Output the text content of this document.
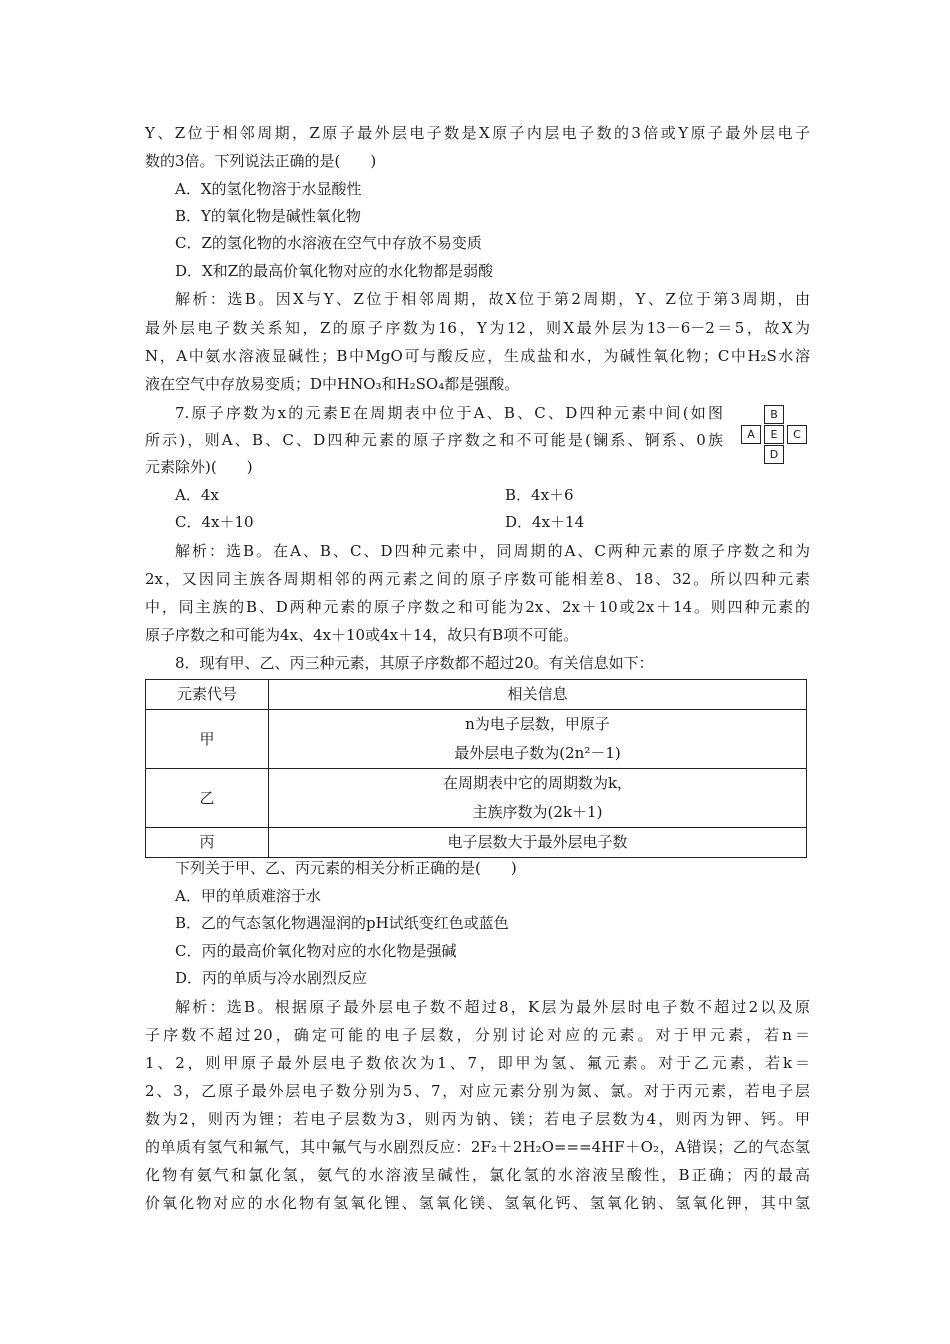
Y、Z位于相邻周期，Z原子最外层电子数是X原子内层电子数的3倍或Y原子最外层电子
数的3倍。下列说法正确的是(　　)
A．X的氢化物溶于水显酸性
B．Y的氧化物是碱性氧化物
C．Z的氢化物的水溶液在空气中存放不易变质
D．X和Z的最高价氧化物对应的水化物都是弱酸
解析：选B。因X与Y、Z位于相邻周期，故X位于第2周期，Y、Z位于第3周期，由
最外层电子数关系知，Z的原子序数为16，Y为12，则X最外层为13－6－2＝5，故X为
N，A中氨水溶液显碱性；B中MgO可与酸反应，生成盐和水，为碱性氧化物；C中H₂S水溶
液在空气中存放易变质；D中HNO₃和H₂SO₄都是强酸。
7.原子序数为x的元素E在周期表中位于A、B、C、D四种元素中间(如图
所示)，则A、B、C、D四种元素的原子序数之和不可能是(镧系、锕系、0族
元素除外)(　　)
B
A	E	C
D
A．4x	B．4x＋6
C．4x＋10	D．4x＋14
解析：选B。在A、B、C、D四种元素中，同周期的A、C两种元素的原子序数之和为
2x，又因同主族各周期相邻的两元素之间的原子序数可能相差8、18、32。所以四种元素
中，同主族的B、D两种元素的原子序数之和可能为2x、2x＋10或2x＋14。则四种元素的
原子序数之和可能为4x、4x＋10或4x＋14，故只有B项不可能。
8．现有甲、乙、丙三种元素，其原子序数都不超过20。有关信息如下：
元素代号	相关信息
甲	n为电子层数，甲原子
最外层电子数为(2n²－1)

乙	在周期表中它的周期数为k，
主族序数为(2k＋1)

丙	电子层数大于最外层电子数
下列关于甲、乙、丙元素的相关分析正确的是(　　)
A．甲的单质难溶于水
B．乙的气态氢化物遇湿润的pH试纸变红色或蓝色
C．丙的最高价氧化物对应的水化物是强碱
D．丙的单质与冷水剧烈反应
解析：选B。根据原子最外层电子数不超过8，K层为最外层时电子数不超过2以及原
子序数不超过20，确定可能的电子层数，分别讨论对应的元素。对于甲元素，若n＝
1、2，则甲原子最外层电子数依次为1、7，即甲为氢、氟元素。对于乙元素，若k＝
2、3，乙原子最外层电子数分别为5、7，对应元素分别为氮、氯。对于丙元素，若电子层
数为2，则丙为锂；若电子层数为3，则丙为钠、镁；若电子层数为4，则丙为钾、钙。甲
的单质有氢气和氟气，其中氟气与水剧烈反应：2F₂＋2H₂O===4HF＋O₂，A错误；乙的气态氢
化物有氨气和氯化氢，氨气的水溶液呈碱性，氯化氢的水溶液呈酸性，B正确；丙的最高
价氧化物对应的水化物有氢氧化锂、氢氧化镁、氢氧化钙、氢氧化钠、氢氧化钾，其中氢
